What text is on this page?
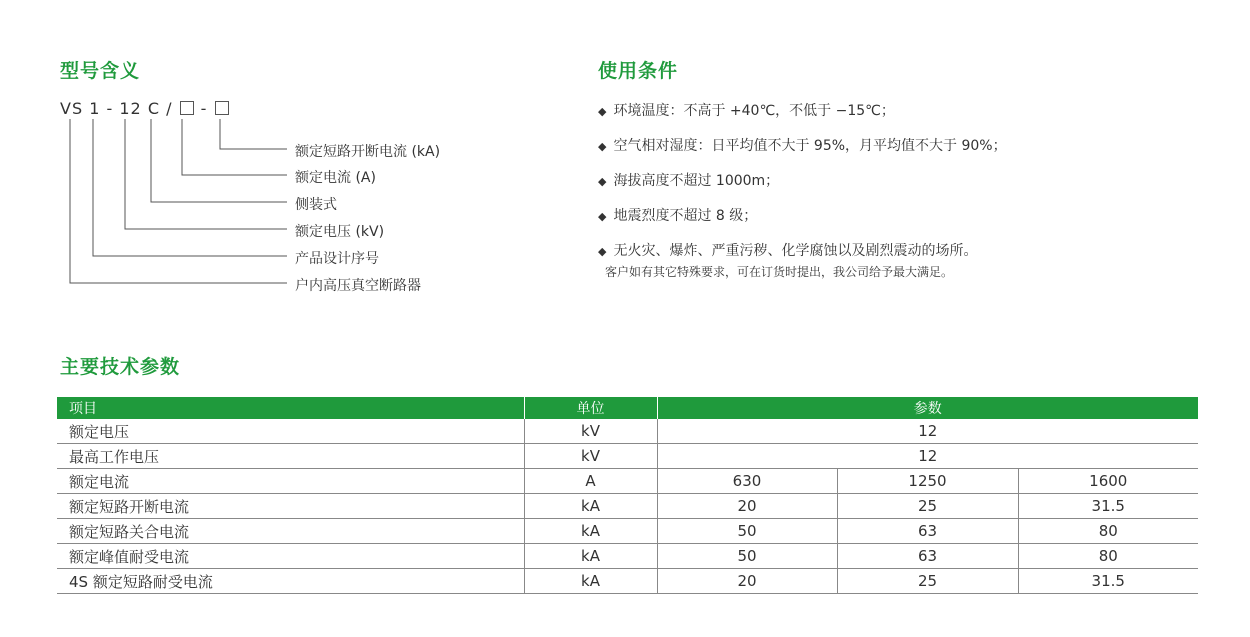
型号含义
VS 1 - 12 C / -
额定短路开断电流 (kA)
额定电流 (A)
侧装式
额定电压 (kV)
产品设计序号
户内高压真空断路器
使用条件
◆ 环境温度：不高于 +40℃，不低于 −15℃；
◆ 空气相对湿度：日平均值不大于 95%，月平均值不大于 90%；
◆ 海拔高度不超过 1000m；
◆ 地震烈度不超过 8 级；
◆ 无火灾、爆炸、严重污秽、化学腐蚀以及剧烈震动的场所。
客户如有其它特殊要求，可在订货时提出，我公司给予最大满足。
主要技术参数
项目	单位	参数		
额定电压	kV	12		
最高工作电压	kV	12		
额定电流	A	630	1250	1600
额定短路开断电流	kA	20	25	31.5
额定短路关合电流	kA	50	63	80
额定峰值耐受电流	kA	50	63	80
4S 额定短路耐受电流	kA	20	25	31.5
